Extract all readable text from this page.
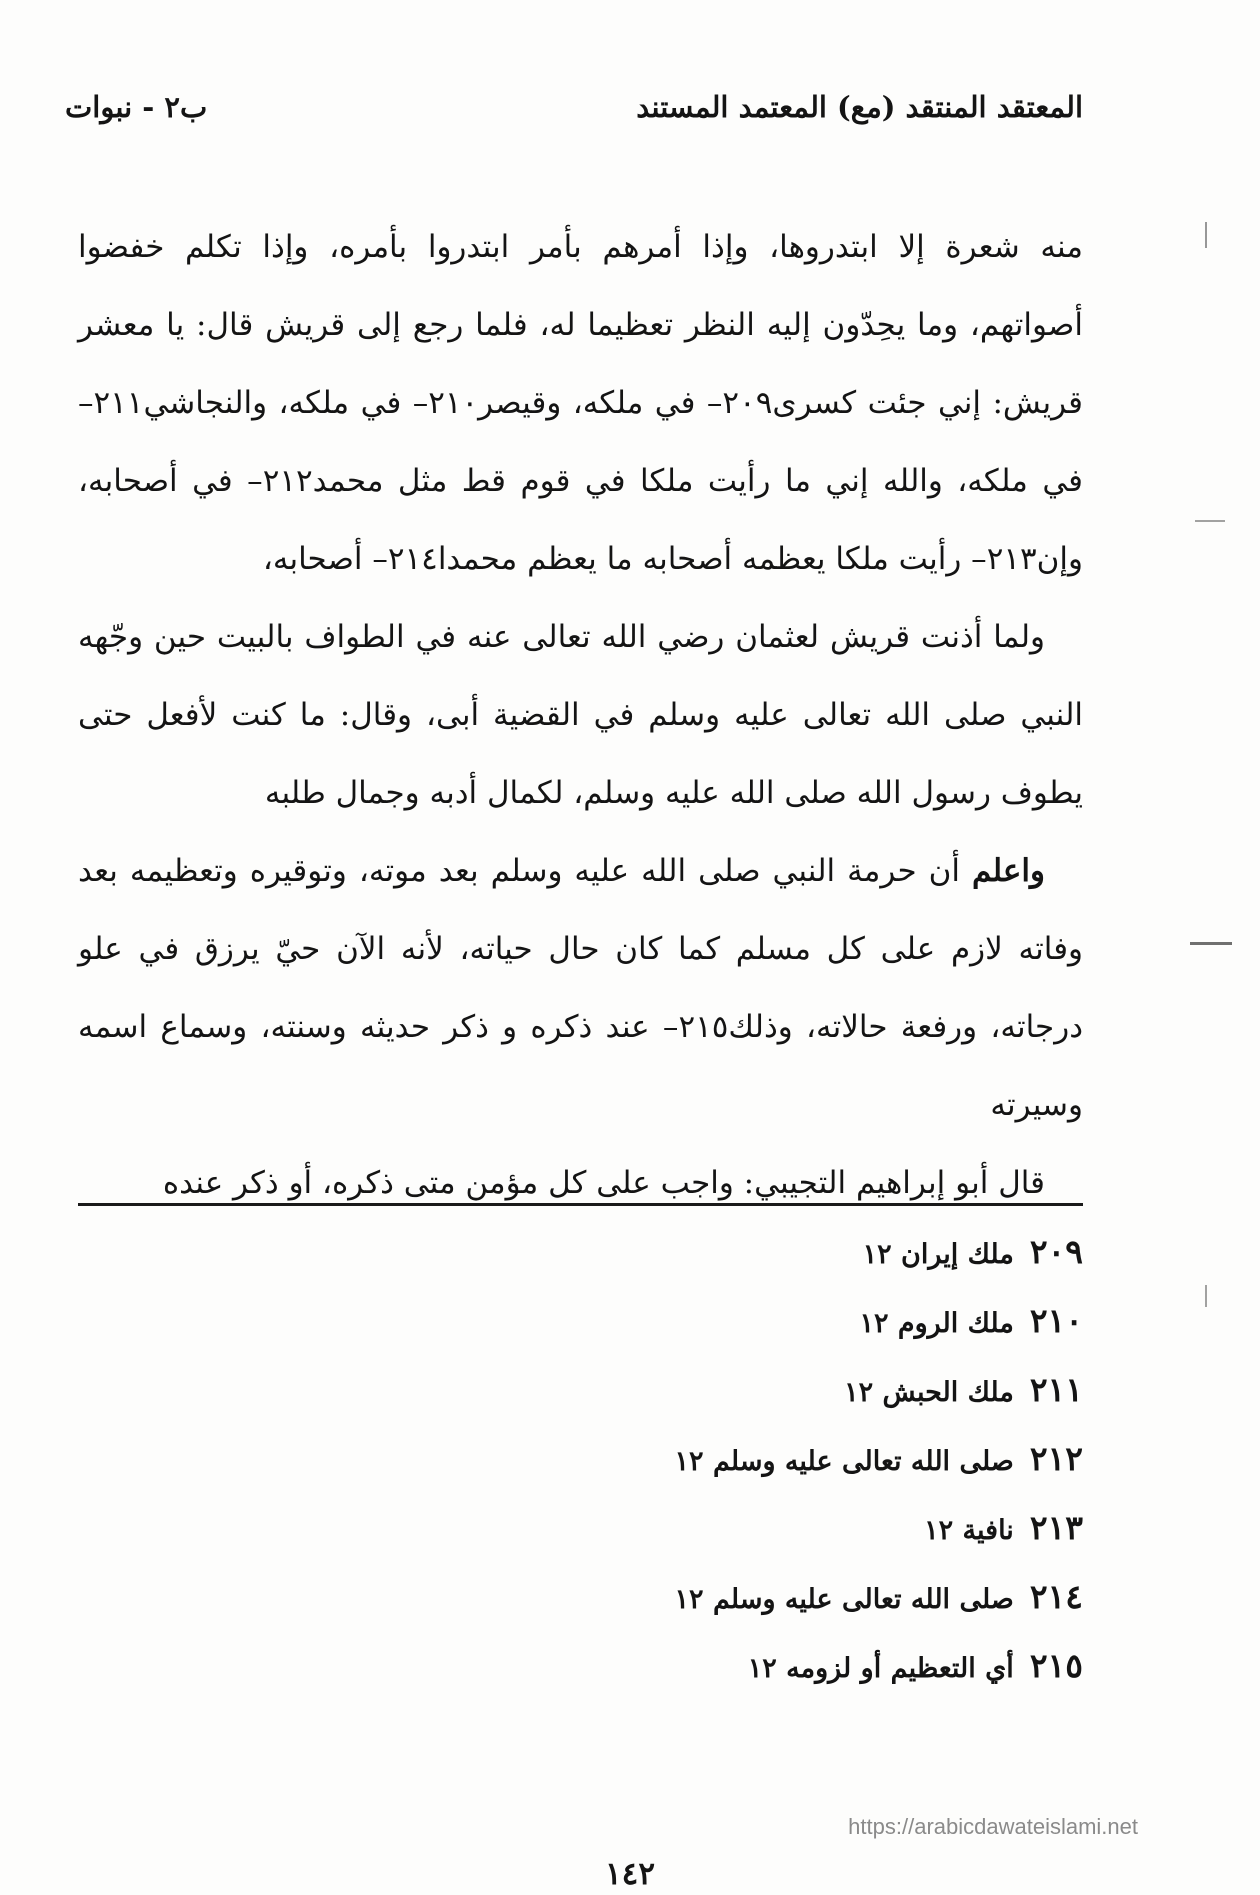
المعتقد المنتقد (مع) المعتمد المستند
ب٢ - نبوات

منه شعرة إلا ابتدروها، وإذا أمرهم بأمر ابتدروا بأمره، وإذا تكلم خفضوا أصواتهم، وما يحِدّون إليه النظر تعظيما له، فلما رجع إلى قريش قال: يا معشر قريش: إني جئت كسرى٢٠٩– في ملكه، وقيصر٢١٠– في ملكه، والنجاشي٢١١– في ملكه، والله إني ما رأيت ملكا في قوم قط مثل محمد٢١٢– في أصحابه، وإن٢١٣– رأيت ملكا يعظمه أصحابه ما يعظم محمدا٢١٤– أصحابه،

ولما أذنت قريش لعثمان رضي الله تعالى عنه في الطواف بالبيت حين وجّهه النبي صلى الله تعالى عليه وسلم في القضية أبى، وقال: ما كنت لأفعل حتى يطوف رسول الله صلى الله عليه وسلم، لكمال أدبه وجمال طلبه

واعلم أن حرمة النبي صلى الله عليه وسلم بعد موته، وتوقيره وتعظيمه بعد وفاته لازم على كل مسلم كما كان حال حياته، لأنه الآن حيّ يرزق في علو درجاته، ورفعة حالاته، وذلك٢١٥– عند ذكره و ذكر حديثه وسنته، وسماع اسمه وسيرته

قال أبو إبراهيم التجيبي: واجب على كل مؤمن متى ذكره، أو ذكر عنده

٢٠٩
ملك إيران ١٢
٢١٠
ملك الروم ١٢
٢١١
ملك الحبش ١٢
٢١٢
صلى الله تعالى عليه وسلم ١٢
٢١٣
نافية ١٢
٢١٤
صلى الله تعالى عليه وسلم ١٢
٢١٥
أي التعظيم أو لزومه ١٢
https://arabicdawateislami.net
١٤٢
